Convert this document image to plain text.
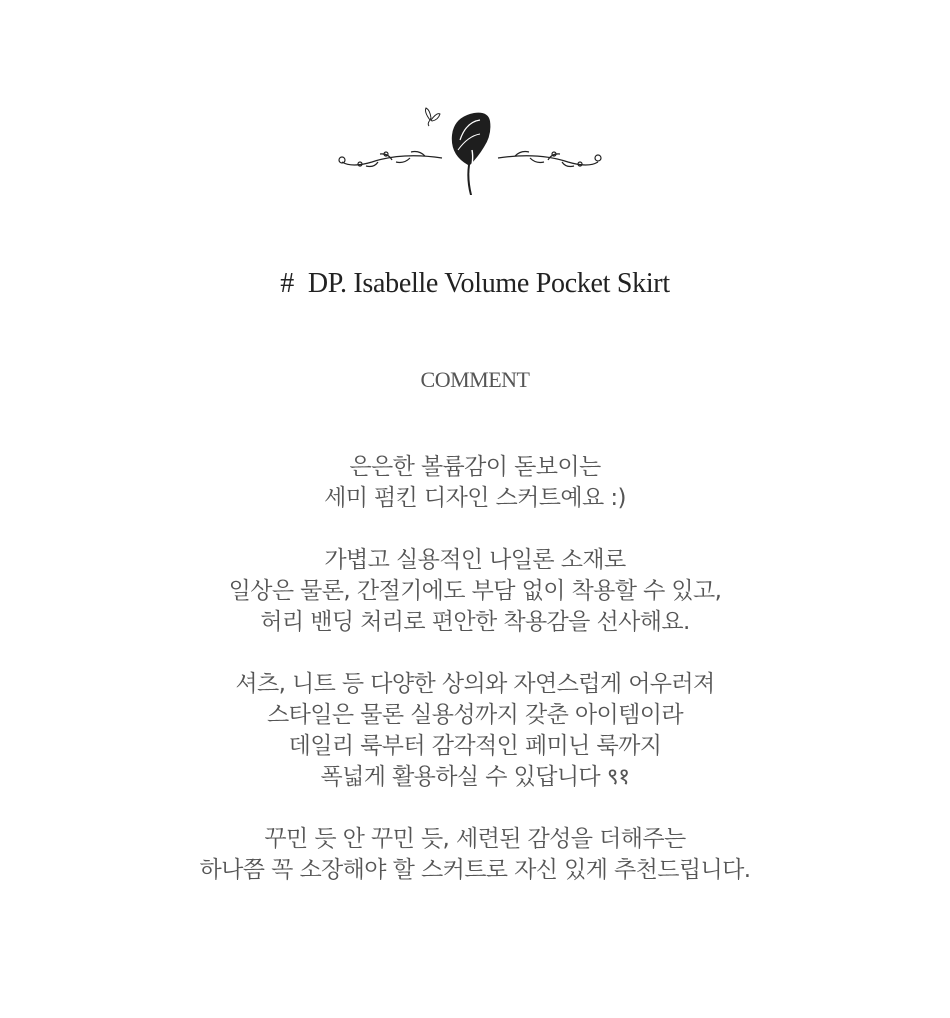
# DP. Isabelle Volume Pocket Skirt
COMMENT
은은한 볼륨감이 돋보이는
세미 펌킨 디자인 스커트예요 :)
가볍고 실용적인 나일론 소재로
일상은 물론, 간절기에도 부담 없이 착용할 수 있고,
허리 밴딩 처리로 편안한 착용감을 선사해요.
셔츠, 니트 등 다양한 상의와 자연스럽게 어우러져
스타일은 물론 실용성까지 갖춘 아이템이라
데일리 룩부터 감각적인 페미닌 룩까지
폭넓게 활용하실 수 있답니다 ९१
꾸민 듯 안 꾸민 듯, 세련된 감성을 더해주는
하나쯤 꼭 소장해야 할 스커트로 자신 있게 추천드립니다.
